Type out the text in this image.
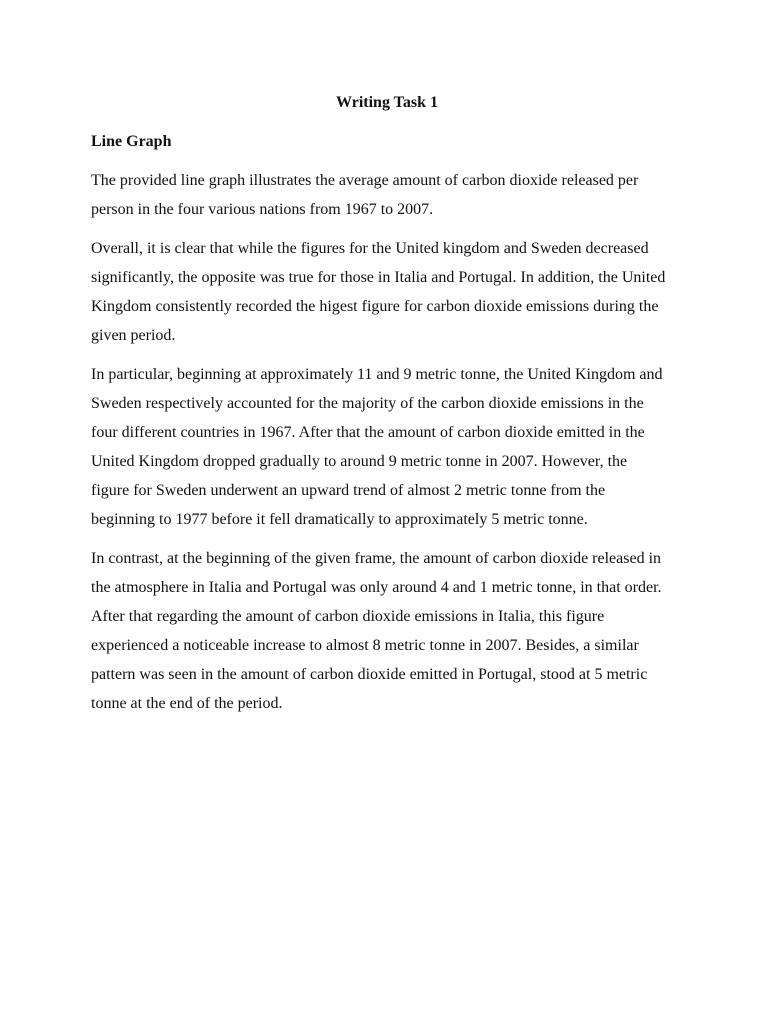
Writing Task 1
Line Graph

The provided line graph illustrates the average amount of carbon dioxide released per
person in the four various nations from 1967 to 2007.

Overall, it is clear that while the figures for the United kingdom and Sweden decreased
significantly, the opposite was true for those in Italia and Portugal. In addition, the United
Kingdom consistently recorded the higest figure for carbon dioxide emissions during the
given period.

In particular, beginning at approximately 11 and 9 metric tonne, the United Kingdom and
Sweden respectively accounted for the majority of the carbon dioxide emissions in the
four different countries in 1967. After that the amount of carbon dioxide emitted in the
United Kingdom dropped gradually to around 9 metric tonne in 2007. However, the
figure for Sweden underwent an upward trend of almost 2 metric tonne from the
beginning to 1977 before it fell dramatically to approximately 5 metric tonne.

In contrast, at the beginning of the given frame, the amount of carbon dioxide released in
the atmosphere in Italia and Portugal was only around 4 and 1 metric tonne, in that order.
After that regarding the amount of carbon dioxide emissions in Italia, this figure
experienced a noticeable increase to almost 8 metric tonne in 2007. Besides, a similar
pattern was seen in the amount of carbon dioxide emitted in Portugal, stood at 5 metric
tonne at the end of the period.
